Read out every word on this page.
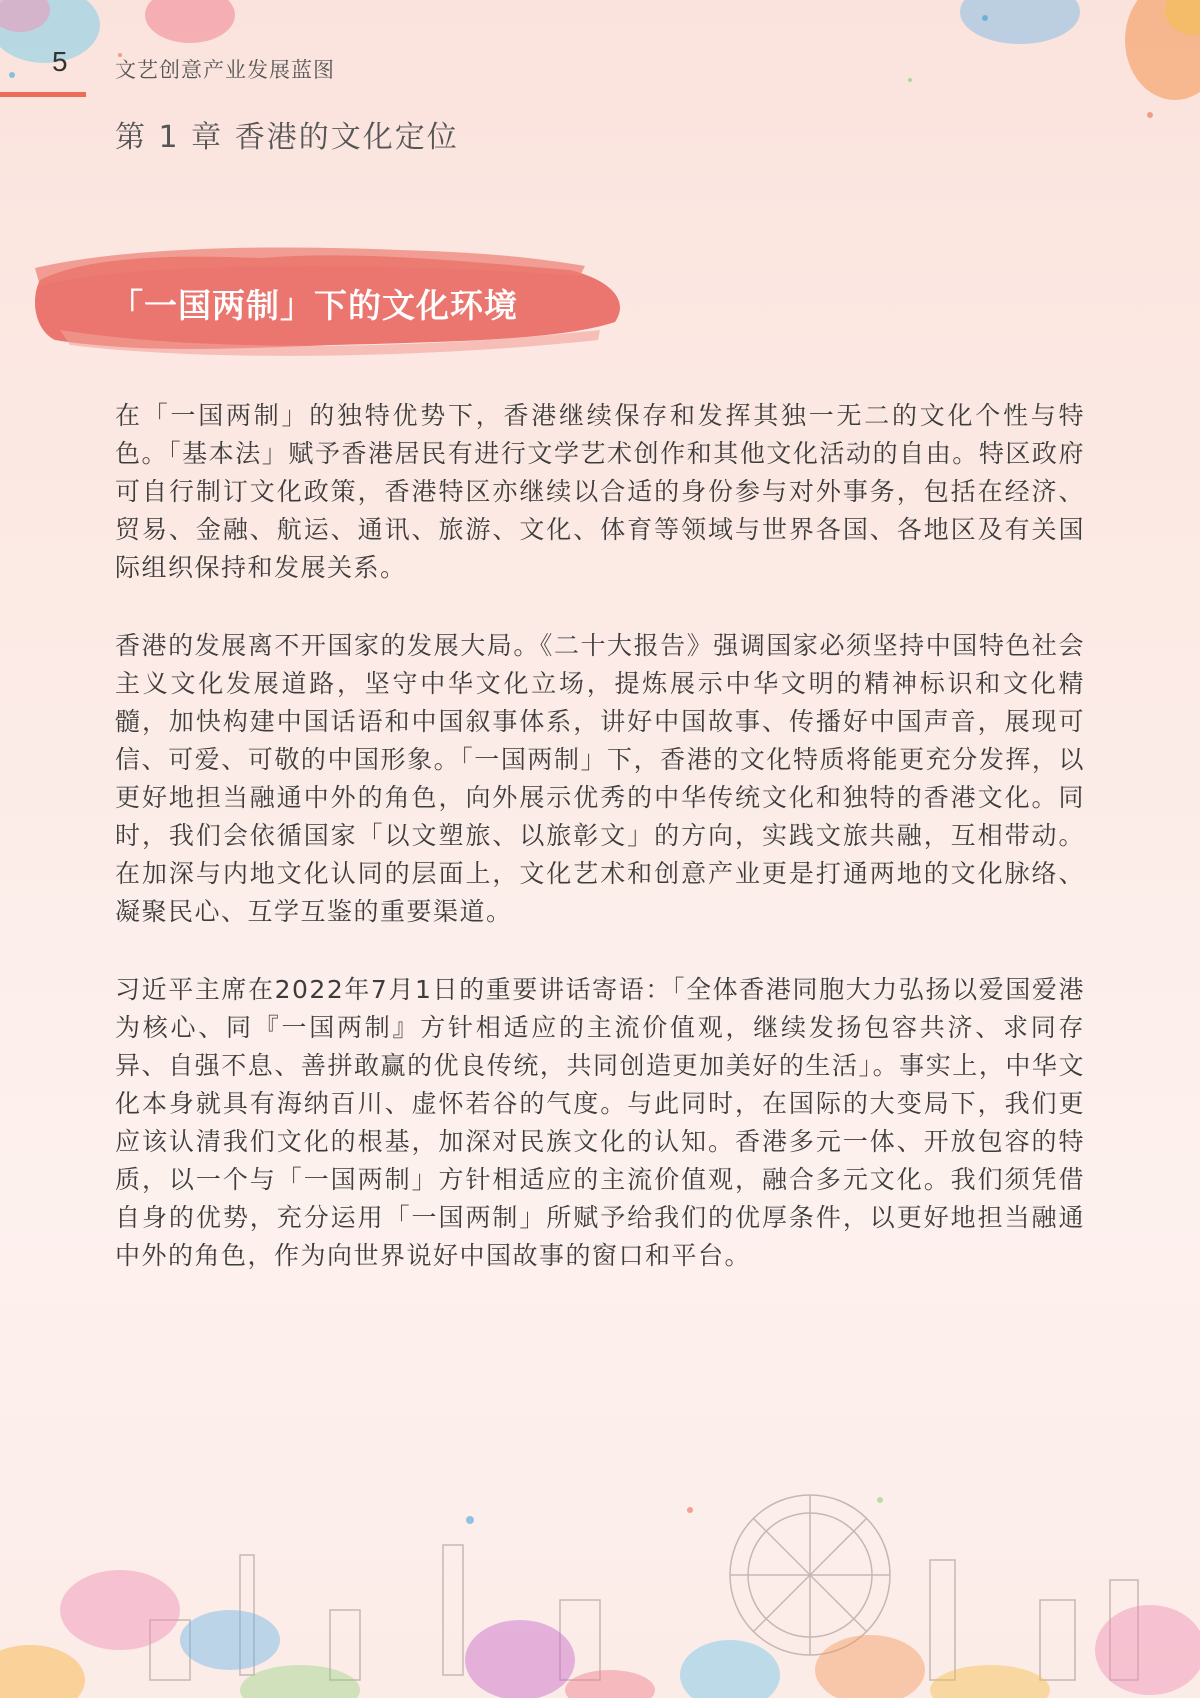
5 文艺创意产业发展蓝图
第 1 章 香港的文化定位
「一国两制」下的文化环境

在「一国两制」的独特优势下，香港继续保存和发挥其独一无二的文化个性与特色。「基本法」赋予香港居民有进行文学艺术创作和其他文化活动的自由。特区政府可自行制订文化政策，香港特区亦继续以合适的身份参与对外事务，包括在经济、贸易、金融、航运、通讯、旅游、文化、体育等领域与世界各国、各地区及有关国际组织保持和发展关系。

香港的发展离不开国家的发展大局。《二十大报告》强调国家必须坚持中国特色社会主义文化发展道路，坚守中华文化立场，提炼展示中华文明的精神标识和文化精髓，加快构建中国话语和中国叙事体系，讲好中国故事、传播好中国声音，展现可信、可爱、可敬的中国形象。「一国两制」下，香港的文化特质将能更充分发挥，以更好地担当融通中外的角色，向外展示优秀的中华传统文化和独特的香港文化。同时，我们会依循国家「以文塑旅、以旅彰文」的方向，实践文旅共融，互相带动。在加深与内地文化认同的层面上，文化艺术和创意产业更是打通两地的文化脉络、凝聚民心、互学互鉴的重要渠道。

习近平主席在2022年7月1日的重要讲话寄语：「全体香港同胞大力弘扬以爱国爱港为核心、同『一国两制』方针相适应的主流价值观，继续发扬包容共济、求同存异、自强不息、善拼敢赢的优良传统，共同创造更加美好的生活」。事实上，中华文化本身就具有海纳百川、虚怀若谷的气度。与此同时，在国际的大变局下，我们更应该认清我们文化的根基，加深对民族文化的认知。香港多元一体、开放包容的特质，以一个与「一国两制」方针相适应的主流价值观，融合多元文化。我们须凭借自身的优势，充分运用「一国两制」所赋予给我们的优厚条件，以更好地担当融通中外的角色，作为向世界说好中国故事的窗口和平台。
